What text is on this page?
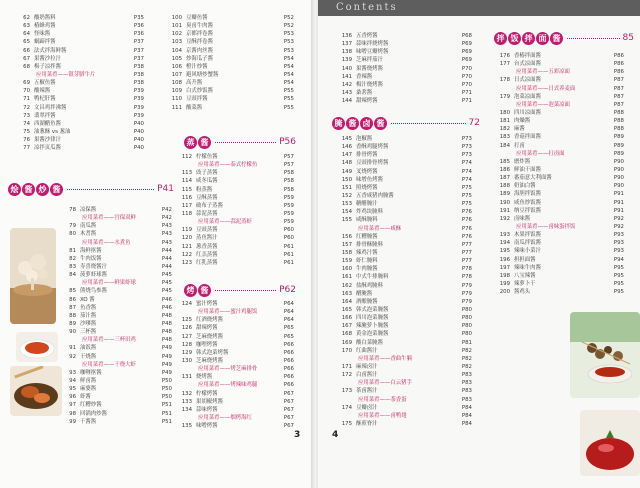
62 酸奶酱料	P35
63 椿蜂鸡酱	P36
64 怪味酱	P36
65 蜗蹄拌酱	P37
66 法式拌海鲜酱	P37
67 果酱沙拉汁	P37
68 梅子凉拌酱	P38
应用菜肴——银芽腊牛片	P38
69 五椒鱼酱	P38
70 酸辣酱	P39
71 鸭杞肝酱	P39
72 文昌鸡拌沸酱	P39
73 翡翠拌酱	P39
74 西湖醋鱼酱	P40
75 油葱酥 vs 葱油	P40
76 果酱沙律汁	P40
77 凉拌页瓜酱	P40
100 豆瓣鱼酱	P52
101 臭卤牛肉酱	P52
102 京都拌卷酱	P53
103 豆酥拌卷酱	P53
104 京酱肉丝酱	P53
105 炒海瓜子酱	P54
106 橙汁炒酱	P54
107 避风塘炒蟹酱	P54
108 高升酱	P54
109 白式炒饭酱	P55
110 豆豉拌酱	P55
111 酸菜酱	P55
烩 酱 炒 酱	P41
蒸 酱	P56
烤 酱	P62
78 凉保酱	P42
应用菜肴——宫保双鲜	P42
79 南瓜酱	P43
80 木耆酱	P43
应用菜肴——水煮鱼	P43
81 海鲜抠酱	P44
82 牛肉饭酱	P44
83 寿喜烧酱汁	P44
84 菠萝虾球酱	P45
应用菜肴——鲜果虾球	P45
85 熊烧鸟参酱	P45
86 XO 酱	P46
87 鱼香酱	P46
88 茄汁酱	P48
89 沙嗲酱	P48
90 三杯酱	P48
应用菜肴——三杯田鸡	P48
91 油饭酱	P49
92 干烧酱	P49
应用菜肴——干烧大虾	P49
93 咖喱抠酱	P49
94 鲜卤酱	P50
95 麻婆酱	P50
96 虾酱	P50
97 红糟炒酱	P51
98 回锅肉炒酱	P51
99 千酱酱	P51
112 柠檬鱼酱	P57
应用菜肴——泰式柠檬鱼	P57
113 豉子蒸酱	P58
114 咸冬瓜酱	P58
115 粉蒸酱	P58
116 豆酥蒸酱	P59
117 破布子蒸酱	P59
118 蒜泥蒸酱	P59
应用菜肴——蒜泥蒸虾	P59
119 豆豉蒸酱	P60
120 蒸鱼酱汁	P60
121 葱香蒸酱	P61
122 红羔蒸酱	P61
123 红乳蒸酱	P61
124 蜜汁烤酱	P64
应用菜肴——蜜汁鸡腿饭	P64
125 红酒烧烤酱	P64
126 甜辣烤酱	P65
127 芝麻烧烤酱	P65
128 咖哩烤酱	P66
129 韩式泡菜烤酱	P66
130 芝麻烧烤酱	P66
应用菜肴——烤芝麻排骨	P66
131 烧烤酱	P66
应用菜肴——烤辣味鸡腿	P66
132 柠檬烤酱	P67
133 果胡椒烤酱	P67
134 蒜味烤酱	P67
应用菜肴——烟烤海红	P67
135 味噌烤酱	P67
3
Contents
136 五香烤酱	P68
137 蒜味拌烧烤酱	P69
138 味噌豆瓣烤酱	P69
139 芝麻拌茄汁	P69
140 果酱烧烤酱	P70
141 香辣酱	P70
142 梅汁烧烤酱	P70
143 桑葚酱	P71
144 甜辣烤酱	P71
腌 酱 卤 酱	72
145 泡椒酱	P73
146 香酥鸡腿烤酱	P73
147 排骨烤酱	P73
148 豆豉排骨烤酱	P74
149 叉烧烤酱	P74
150 味增鱼烤酱	P74
151 照烧烤酱	P75
152 五香咸猪肉腌酱	P75
153 糖醋腌汁	P75
154 炸鸡块腌料	P76
155 咸酥腌料	P76
应用菜肴——咸酥	P76
156 红糟腌酱	P76
157 排骨酥腌料	P77
158 辣鸡汁酱	P77
159 虾仁腌料	P77
160 牛肉腌酱	P78
161 中式牛排腌料	P78
162 盐酥鸡腌料	P79
163 醋腌酱	P79
164 酒酿腌酱	P79
165 韩式泡菜腌酱	P80
166 四川泡菜腌酱	P80
167 辣腌萝卜腌酱	P80
168 黄金泡菜腌酱	P80
169 酸白菜腌酱	P81
170 红曲酱汁	P82
应用菜肴——香曲牛腩	P82
171 麻辣卤汁	P82
172 白卤酱汁	P83
应用菜肴——白云猪手	P83
173 茶卤酱汁	P83
应用菜肴——茶香蛋	P83
174 豆瓣卤汁	P84
应用菜肴——卤鸭翅	P84
175 酥煎脊汁	P84
拌 饭 拌 面 酱	85
176 香椿拌面酱	P86
177 台式凉面酱	P86
应用菜肴——五彩凉面	P86
178 日式凉面酱	P87
应用菜肴——日式养麦面	P87
179 泡菜凉面酱	P87
应用菜肴——泡菜凉面	P87
180 四川凉面酱	P88
181 肉燥酱	P88
182 麻酱	P88
183 香菇拌面酱	P89
184 打卤	P89
应用菜肴——打卤面	P89
185 磨炸酱	P90
186 鲜油干面酱	P90
187 番茄意大利面酱	P90
188 奶油白酱	P90
189 海胆拌饭酱	P91
190 咸鱼炒饭酱	P91
191 纳豆拌饭酱	P91
192 卤味酱	P92
应用菜肴——卤味蛋拌饭	P92
193 木果拌饭酱	P93
194 南瓜拌饭酱	P93
195 辣味小菜汁	P93
196 担担面酱	P94
197 辣味牛肉酱	P95
198 八宝辣酱	P95
199 辣萝卜干	P95
200 酱鸡头	P95
4
